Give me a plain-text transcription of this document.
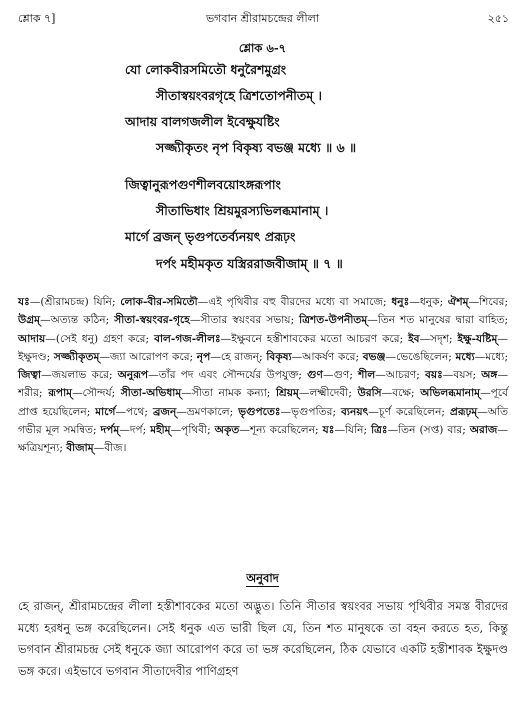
শ্লোক ৭]	ভগবান শ্রীরামচন্দ্রের লীলা	২৫১
শ্লোক ৬-৭
যো লোকবীরসমিতৌ ধনুরৈশমুগ্রং
সীতাস্বয়ংবরগৃহে ত্রিশতোপনীতম্ ।
আদায় বালগজলীল ইবেক্ষুযষ্টিং
সজ্জ্যীকৃতং নৃপ বিকৃষ্য বভঞ্জ মধ্যে ॥ ৬ ॥
জিত্বানুরূপগুণশীলবয়োঽঙ্গরূপাং
সীতাভিধাং শ্রিয়মুরস্যভিলব্ধমানাম্ ।
মার্গে ব্রজন্ ভৃগুপতের্ব্যনয়ৎ প্ররূঢ়ং
দর্পং মহীমকৃত যস্ত্রিররাজবীজাম্ ॥ ৭ ॥
যঃ—(শ্রীরামচন্দ্র) যিনি; লোক-বীর-সমিতৌ—এই পৃথিবীর বহু বীরদের মধ্যে বা সমাজে; ধনুঃ—ধনুক; ঐশম্—শিবের; উগ্রম্—অত্যন্ত কঠিন; সীতা-স্বয়ংবর-গৃহে—সীতার স্বয়ংবর সভায়; ত্রিশত-উপনীতম্—তিন শত মানুষের দ্বারা বাহিত; আদায়—(সেই ধনু) গ্রহণ করে; বাল-গজ-লীলঃ—ইক্ষুবনে হস্তীশাবকের মতো আচরণ করে; ইব—সদৃশ; ইক্ষু-যষ্টিম্—ইক্ষুদণ্ড; সজ্জ্যীকৃতম্—জ্যা আরোপণ করে; নৃপ—হে রাজন্; বিকৃষ্য—আকর্ষণ করে; বভঞ্জ—ভেঙেছিলেন; মধ্যে—মধ্যে; জিত্বা—জয়লাভ করে; অনুরূপ—তাঁর পদ এবং সৌন্দর্যের উপযুক্ত; গুণ—গুণ; শীল—আচরণ; বয়ঃ—বয়স; অঙ্গ—শরীর; রূপাম্—সৌন্দর্য; সীতা-অভিধাম্—সীতা নামক কন্যা; শ্রিয়ম্—লক্ষ্মীদেবী; উরসি—বক্ষে; অভিলব্ধমানাম্—পূর্বে প্রাপ্ত হয়েছিলেন; মার্গে—পথে; ব্রজন্—ভ্রমণকালে; ভৃগুপতেঃ—ভৃগুপতির; ব্যনয়ৎ—চূর্ণ করেছিলেন; প্ররূঢ়ম্—অতি গভীর মূল সমন্বিত; দর্পম্—দর্প; মহীম্—পৃথিবী; অকৃত—শূন্য করেছিলেন; যঃ—যিনি; ত্রিঃ—তিন (সপ্ত) বার; অরাজ—ক্ষত্রিয়শূন্য; বীজাম্—বীজ।
অনুবাদ
হে রাজন্, শ্রীরামচন্দ্রের লীলা হস্তীশাবকের মতো অদ্ভুত। তিনি সীতার স্বয়ংবর সভায় পৃথিবীর সমস্ত বীরদের মধ্যে হরধনু ভঙ্গ করেছিলেন। সেই ধনুক এত ভারী ছিল যে, তিন শত মানুষকে তা বহন করতে হত, কিন্তু ভগবান শ্রীরামচন্দ্র সেই ধনুকে জ্যা আরোপণ করে তা ভঙ্গ করেছিলেন, ঠিক যেভাবে একটি হস্তীশাবক ইক্ষুদণ্ড ভঙ্গ করে। এইভাবে ভগবান সীতাদেবীর পাণিগ্রহণ
